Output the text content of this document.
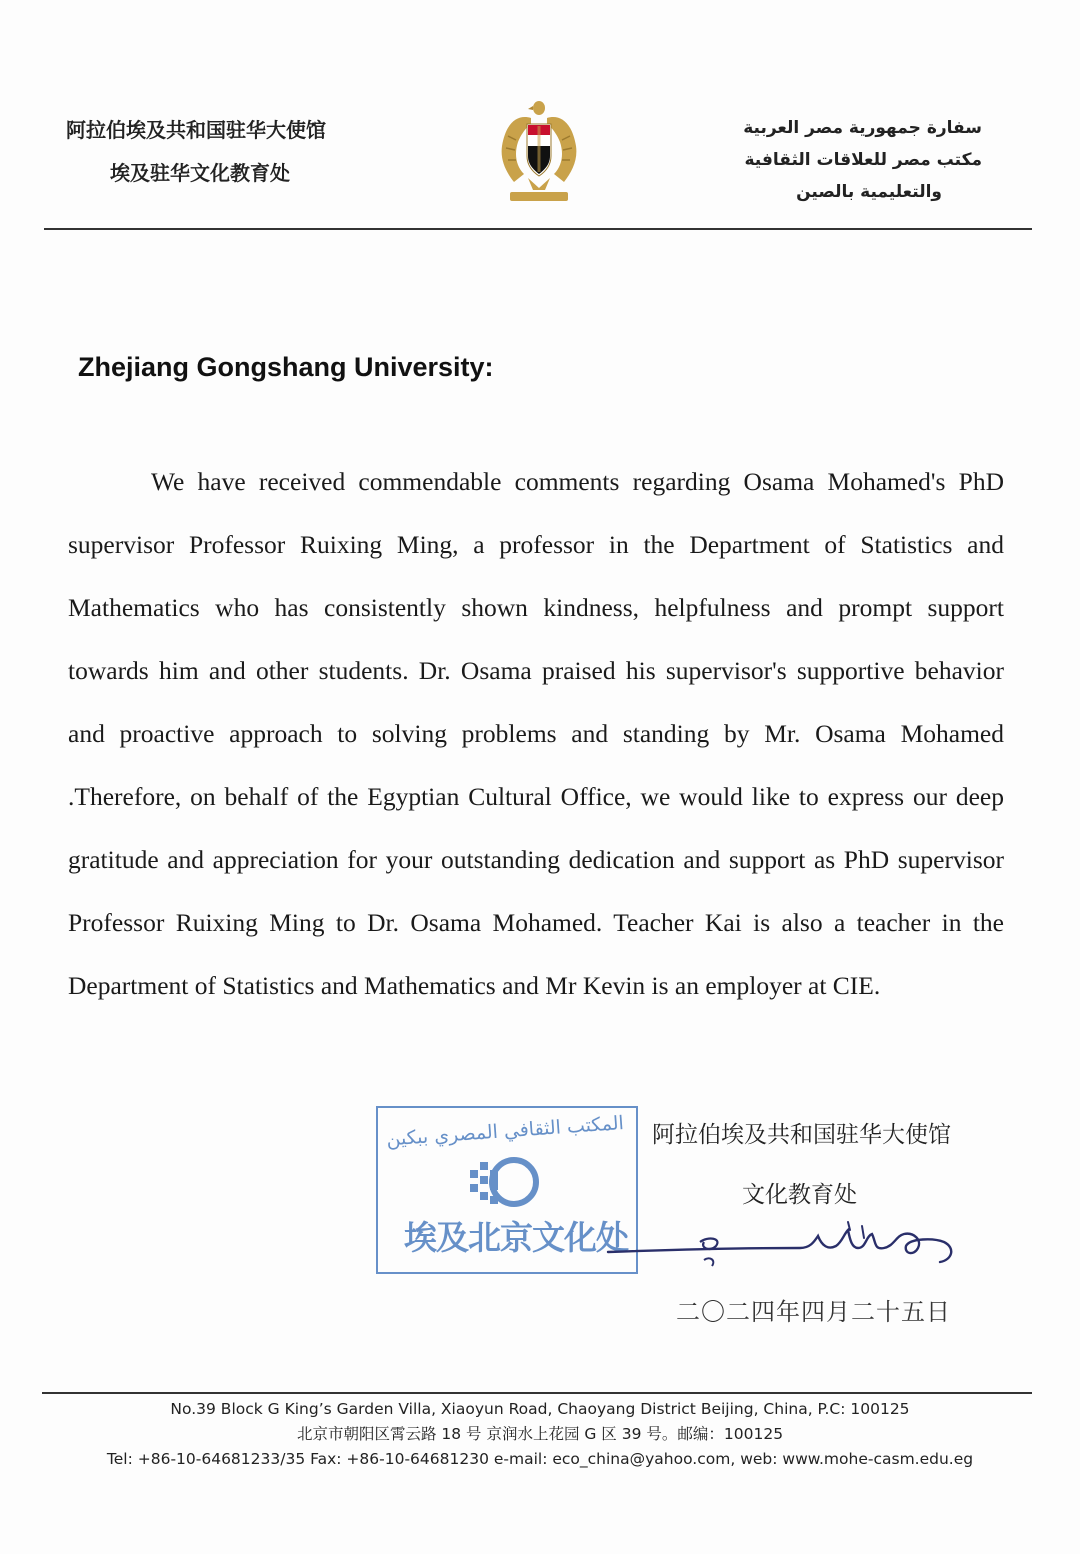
阿拉伯埃及共和国驻华大使馆
埃及驻华文化教育处
سفارة جمهورية مصر العربية
مكتب مصر للعلاقات الثقافية
والتعليمية بالصين
Zhejiang Gongshang University:
We have received commendable comments regarding Osama Mohamed's PhD supervisor Professor Ruixing Ming, a professor in the Department of Statistics and Mathematics who has consistently shown kindness, helpfulness and prompt support towards him and other students. Dr. Osama praised his supervisor's supportive behavior and proactive approach to solving problems and standing by Mr. Osama Mohamed .Therefore, on behalf of the Egyptian Cultural Office, we would like to express our deep gratitude and appreciation for your outstanding dedication and support as PhD supervisor Professor Ruixing Ming to Dr. Osama Mohamed. Teacher Kai is also a teacher in the Department of Statistics and Mathematics and Mr Kevin is an employer at CIE.
المكتب الثقافي المصري ببكين
埃及北京文化处
阿拉伯埃及共和国驻华大使馆
文化教育处
二〇二四年四月二十五日
No.39 Block G King’s Garden Villa, Xiaoyun Road, Chaoyang District Beijing, China, P.C: 100125
北京市朝阳区霄云路 18 号 京润水上花园 G 区 39 号。邮编：100125
Tel: +86-10-64681233/35 Fax: +86-10-64681230 e-mail: eco_china@yahoo.com, web: www.mohe-casm.edu.eg
